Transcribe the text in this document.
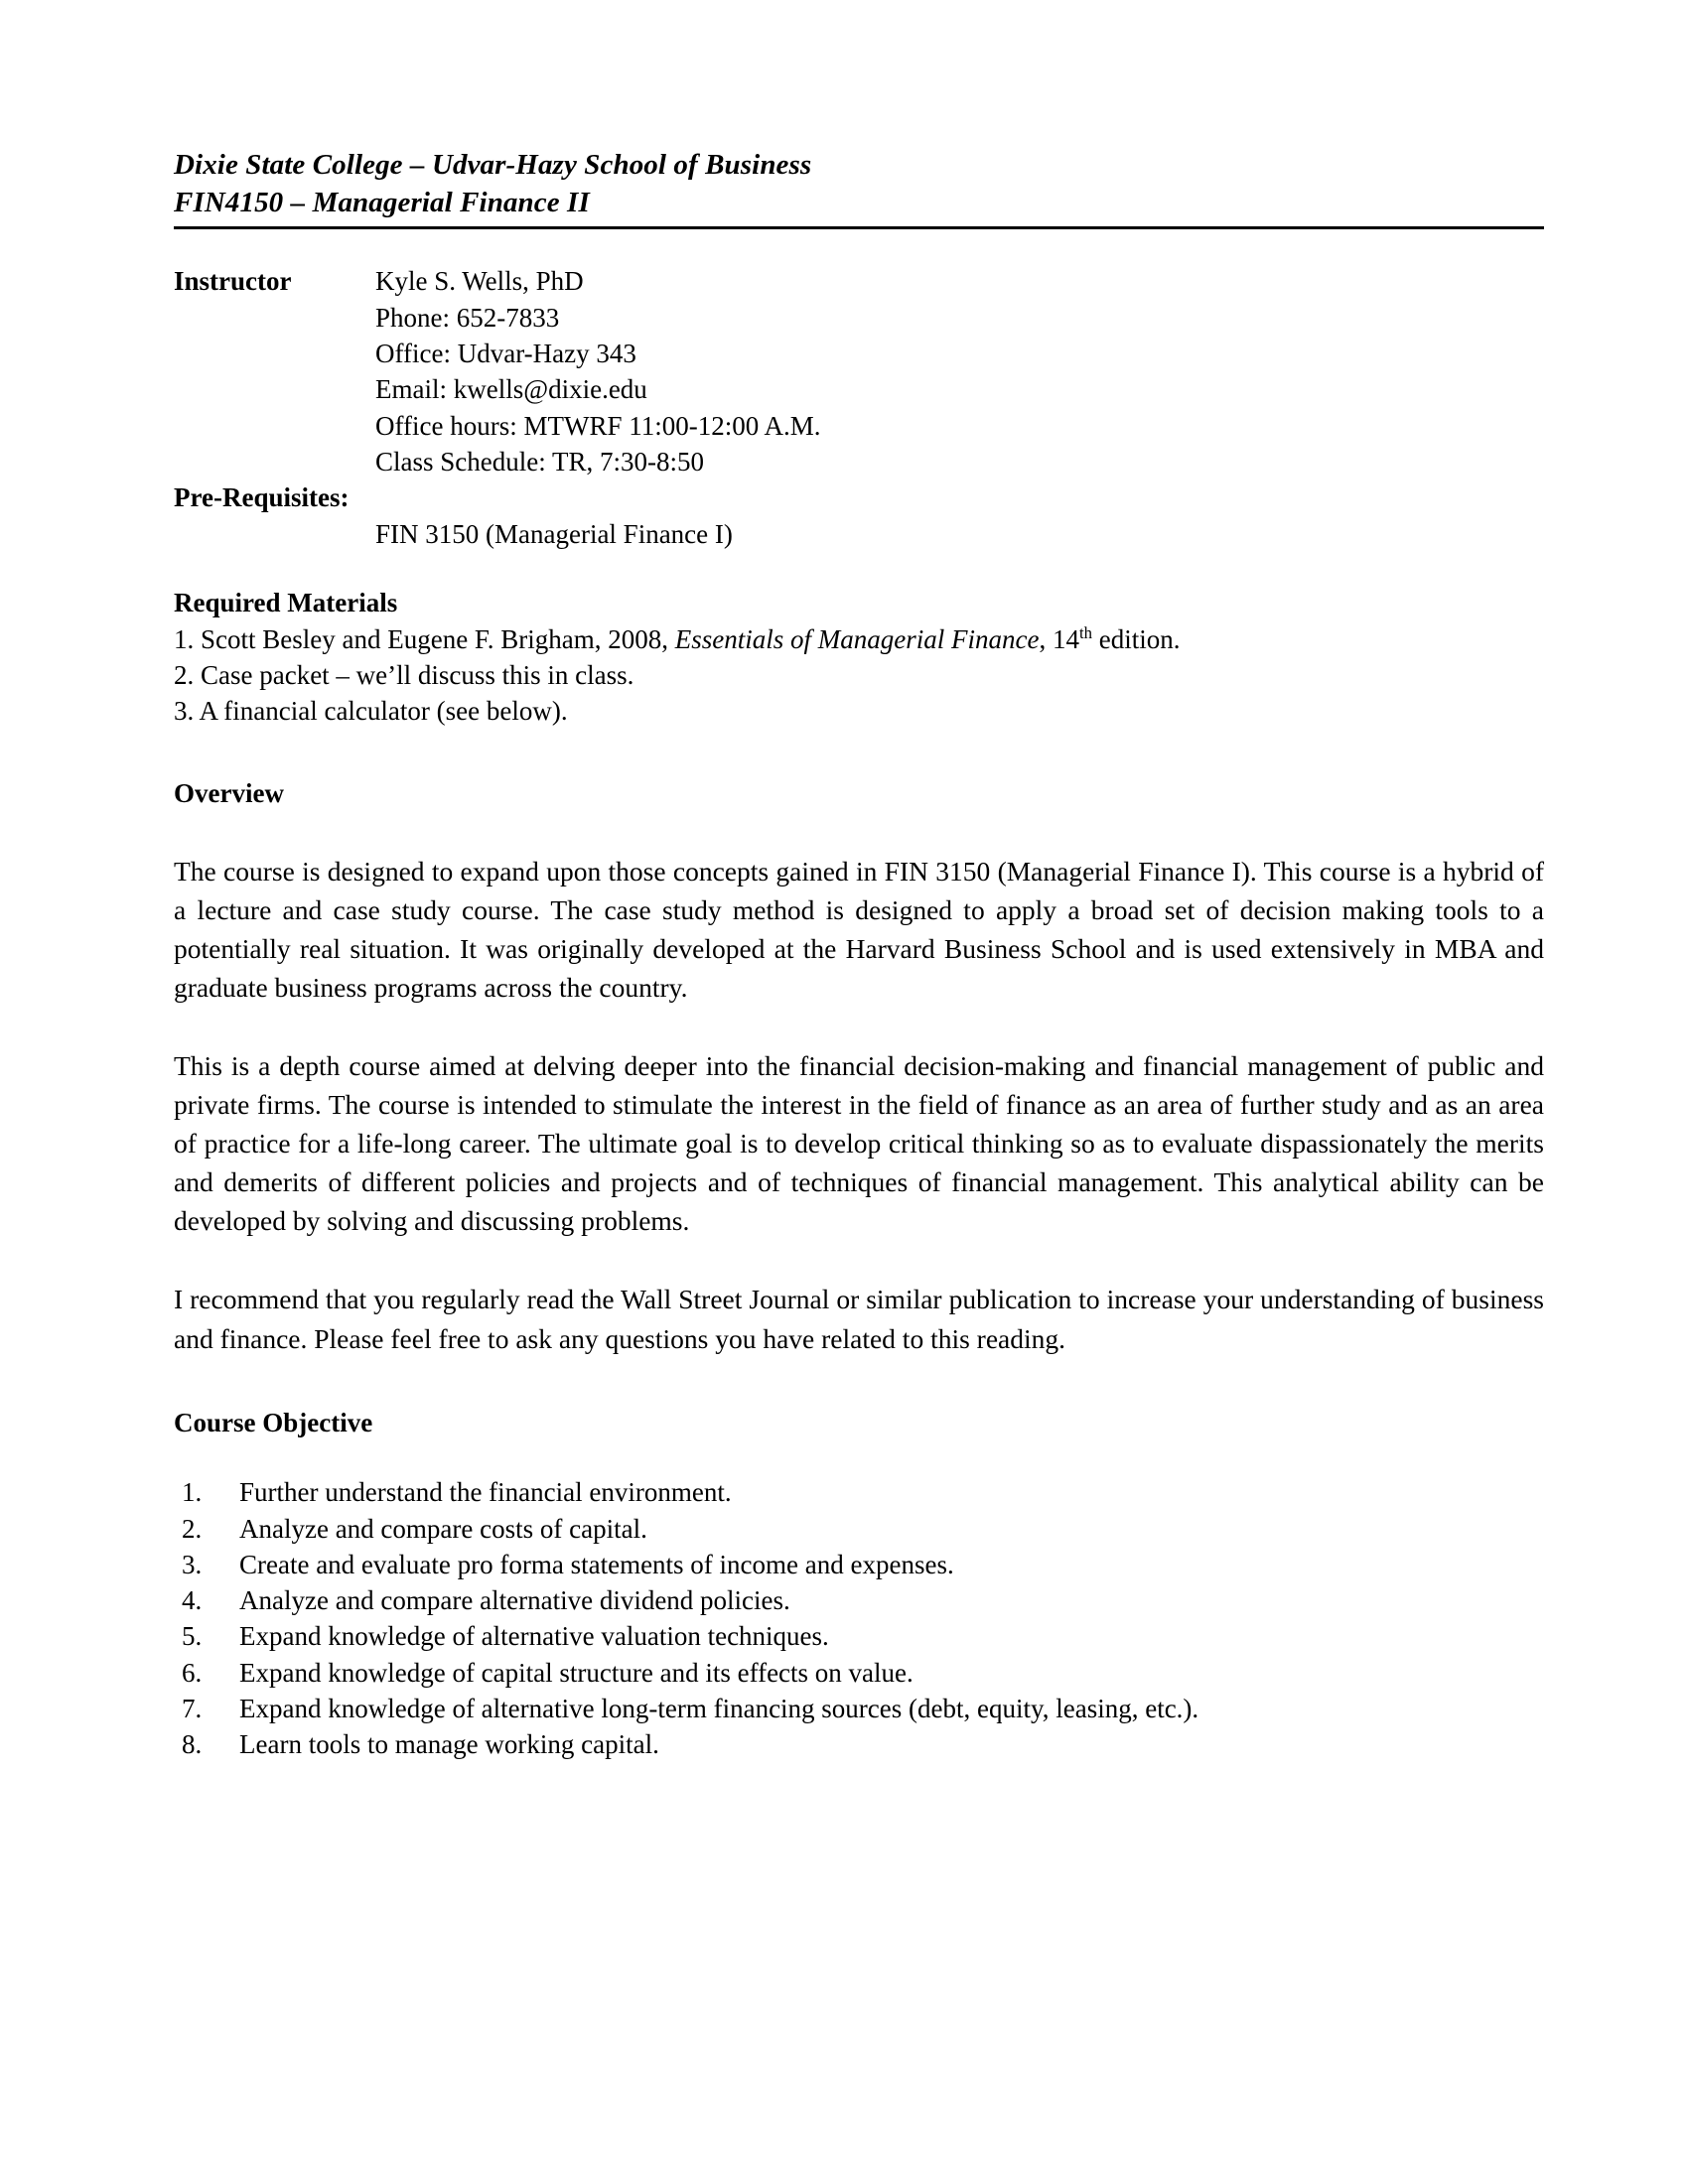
Dixie State College – Udvar-Hazy School of Business
FIN4150 – Managerial Finance II
Instructor	Kyle S. Wells, PhD
Phone: 652-7833
Office: Udvar-Hazy 343
Email: kwells@dixie.edu
Office hours: MTWRF 11:00-12:00 A.M.
Class Schedule: TR, 7:30-8:50
Pre-Requisites:
FIN 3150 (Managerial Finance I)
Required Materials
1. Scott Besley and Eugene F. Brigham, 2008, Essentials of Managerial Finance, 14th edition.
2. Case packet – we’ll discuss this in class.
3. A financial calculator (see below).
Overview

The course is designed to expand upon those concepts gained in FIN 3150 (Managerial Finance I). This course is a hybrid of a lecture and case study course. The case study method is designed to apply a broad set of decision making tools to a potentially real situation. It was originally developed at the Harvard Business School and is used extensively in MBA and graduate business programs across the country.

This is a depth course aimed at delving deeper into the financial decision-making and financial management of public and private firms. The course is intended to stimulate the interest in the field of finance as an area of further study and as an area of practice for a life-long career. The ultimate goal is to develop critical thinking so as to evaluate dispassionately the merits and demerits of different policies and projects and of techniques of financial management. This analytical ability can be developed by solving and discussing problems.

I recommend that you regularly read the Wall Street Journal or similar publication to increase your understanding of business and finance. Please feel free to ask any questions you have related to this reading.

Course Objective
1.	Further understand the financial environment.
2.	Analyze and compare costs of capital.
3.	Create and evaluate pro forma statements of income and expenses.
4.	Analyze and compare alternative dividend policies.
5.	Expand knowledge of alternative valuation techniques.
6.	Expand knowledge of capital structure and its effects on value.
7.	Expand knowledge of alternative long-term financing sources (debt, equity, leasing, etc.).
8.	Learn tools to manage working capital.
